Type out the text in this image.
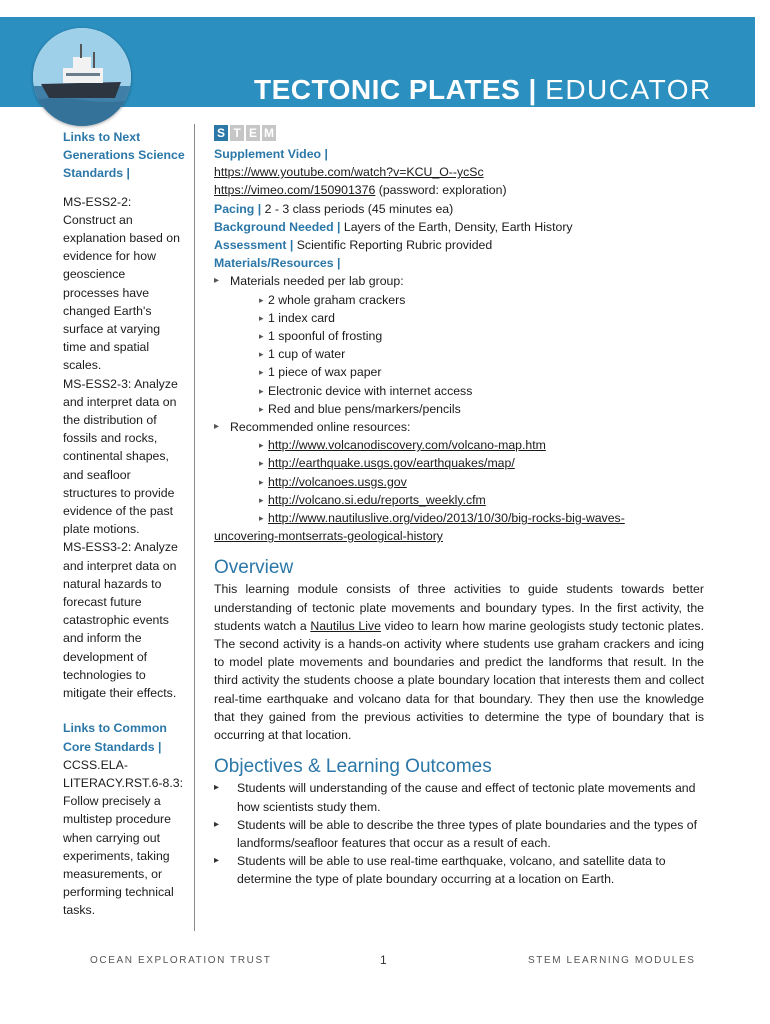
TECTONIC PLATES | EDUCATOR
Links to Next
Generations Science
Standards |
MS-ESS2-2:
Construct an
explanation based on
evidence for how
geoscience
processes have
changed Earth's
surface at varying
time and spatial
scales.
MS-ESS2-3: Analyze
and interpret data on
the distribution of
fossils and rocks,
continental shapes,
and seafloor
structures to provide
evidence of the past
plate motions.
MS-ESS3-2: Analyze
and interpret data on
natural hazards to
forecast future
catastrophic events
and inform the
development of
technologies to
mitigate their effects.
Links to Common
Core Standards |
CCSS.ELA-
LITERACY.RST.6-8.3:
Follow precisely a
multistep procedure
when carrying out
experiments, taking
measurements, or
performing technical
tasks.
S T E M
Supplement Video |
https://www.youtube.com/watch?v=KCU_O--ycSc
https://vimeo.com/150901376 (password: exploration)
Pacing | 2 - 3 class periods (45 minutes ea)
Background Needed | Layers of the Earth, Density, Earth History
Assessment | Scientific Reporting Rubric provided
Materials/Resources |
▸ Materials needed per lab group:
▸ 2 whole graham crackers
▸ 1 index card
▸ 1 spoonful of frosting
▸ 1 cup of water
▸ 1 piece of wax paper
▸ Electronic device with internet access
▸ Red and blue pens/markers/pencils
▸ Recommended online resources:
▸ http://www.volcanodiscovery.com/volcano-map.htm
▸ http://earthquake.usgs.gov/earthquakes/map/
▸ http://volcanoes.usgs.gov
▸ http://volcano.si.edu/reports_weekly.cfm
▸ http://www.nautiluslive.org/video/2013/10/30/big-rocks-big-waves-
uncovering-montserrats-geological-history
Overview
This learning module consists of three activities to guide students towards better understanding of tectonic plate movements and boundary types. In the first activity, the students watch a Nautilus Live video to learn how marine geologists study tectonic plates. The second activity is a hands-on activity where students use graham crackers and icing to model plate movements and boundaries and predict the landforms that result. In the third activity the students choose a plate boundary location that interests them and collect real-time earthquake and volcano data for that boundary. They then use the knowledge that they gained from the previous activities to determine the type of boundary that is occurring at that location.
Objectives & Learning Outcomes
▸ Students will understanding of the cause and effect of tectonic plate movements and how scientists study them.
▸ Students will be able to describe the three types of plate boundaries and the types of landforms/seafloor features that occur as a result of each.
▸ Students will be able to use real-time earthquake, volcano, and satellite data to determine the type of plate boundary occurring at a location on Earth.
OCEAN EXPLORATION TRUST	1	STEM LEARNING MODULES
